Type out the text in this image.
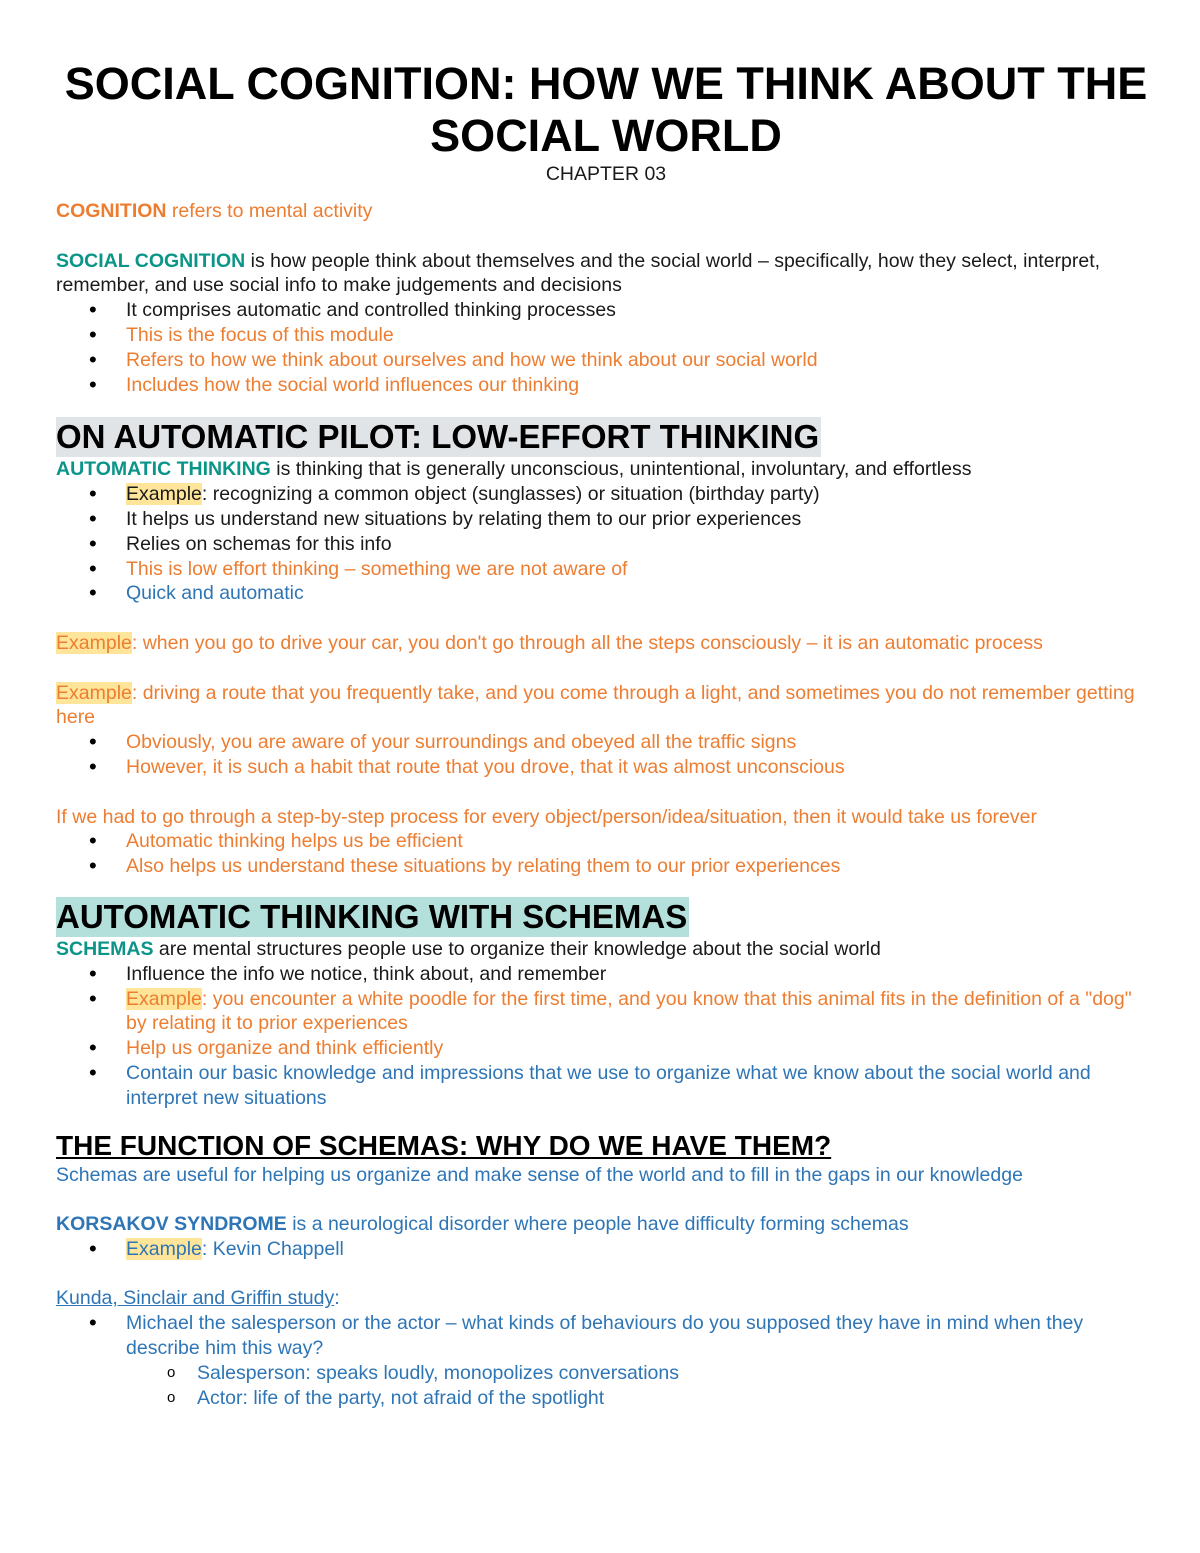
SOCIAL COGNITION: HOW WE THINK ABOUT THE SOCIAL WORLD
CHAPTER 03

COGNITION refers to mental activity

SOCIAL COGNITION is how people think about themselves and the social world – specifically, how they select, interpret, remember, and use social info to make judgements and decisions

• It comprises automatic and controlled thinking processes
• This is the focus of this module
• Refers to how we think about ourselves and how we think about our social world
• Includes how the social world influences our thinking
ON AUTOMATIC PILOT: LOW-EFFORT THINKING

AUTOMATIC THINKING is thinking that is generally unconscious, unintentional, involuntary, and effortless

• Example: recognizing a common object (sunglasses) or situation (birthday party)
• It helps us understand new situations by relating them to our prior experiences
• Relies on schemas for this info
• This is low effort thinking – something we are not aware of
• Quick and automatic

Example: when you go to drive your car, you don't go through all the steps consciously – it is an automatic process

Example: driving a route that you frequently take, and you come through a light, and sometimes you do not remember getting here

• Obviously, you are aware of your surroundings and obeyed all the traffic signs
• However, it is such a habit that route that you drove, that it was almost unconscious

If we had to go through a step-by-step process for every object/person/idea/situation, then it would take us forever

• Automatic thinking helps us be efficient
• Also helps us understand these situations by relating them to our prior experiences
AUTOMATIC THINKING WITH SCHEMAS

SCHEMAS are mental structures people use to organize their knowledge about the social world

• Influence the info we notice, think about, and remember
• Example: you encounter a white poodle for the first time, and you know that this animal fits in the definition of a "dog" by relating it to prior experiences
• Help us organize and think efficiently
• Contain our basic knowledge and impressions that we use to organize what we know about the social world and interpret new situations
THE FUNCTION OF SCHEMAS: WHY DO WE HAVE THEM?

Schemas are useful for helping us organize and make sense of the world and to fill in the gaps in our knowledge

KORSAKOV SYNDROME is a neurological disorder where people have difficulty forming schemas

• Example: Kevin Chappell

Kunda, Sinclair and Griffin study:

• Michael the salesperson or the actor – what kinds of behaviours do you supposed they have in mind when they describe him this way?
o Salesperson: speaks loudly, monopolizes conversations
o Actor: life of the party, not afraid of the spotlight
